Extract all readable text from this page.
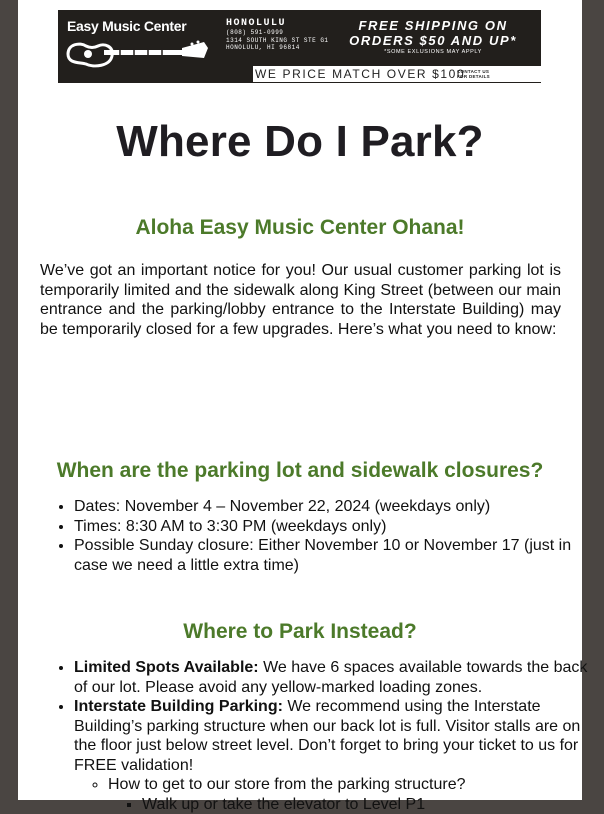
Easy Music Center	HONOLULU
(808) 591-0999
1314 SOUTH KING ST STE G1
HONOLULU, HI 96814
FREE SHIPPING ON
ORDERS $50 AND UP*
*SOME EXLUSIONS MAY APPLY
WE PRICE MATCH OVER $100
CONTACT US
FOR DETAILS
Where Do I Park?
Aloha Easy Music Center Ohana!

We’ve got an important notice for you! Our usual customer parking lot is temporarily limited and the sidewalk along King Street (between our main entrance and the parking/lobby entrance to the Interstate Building) may be temporarily closed for a few upgrades. Here’s what you need to know:

When are the parking lot and sidewalk closures?
• Dates: November 4 – November 22, 2024 (weekdays only)
• Times: 8:30 AM to 3:30 PM (weekdays only)
• Possible Sunday closure: Either November 10 or November 17 (just in case we need a little extra time)
Where to Park Instead?
• Limited Spots Available: We have 6 spaces available towards the back of our lot. Please avoid any yellow-marked loading zones.
• Interstate Building Parking: We recommend using the Interstate Building’s parking structure when our back lot is full. Visitor stalls are on the floor just below street level. Don’t forget to bring your ticket to us for FREE validation!
◦ How to get to our store from the parking structure?
▪ Walk up or take the elevator to Level P1
